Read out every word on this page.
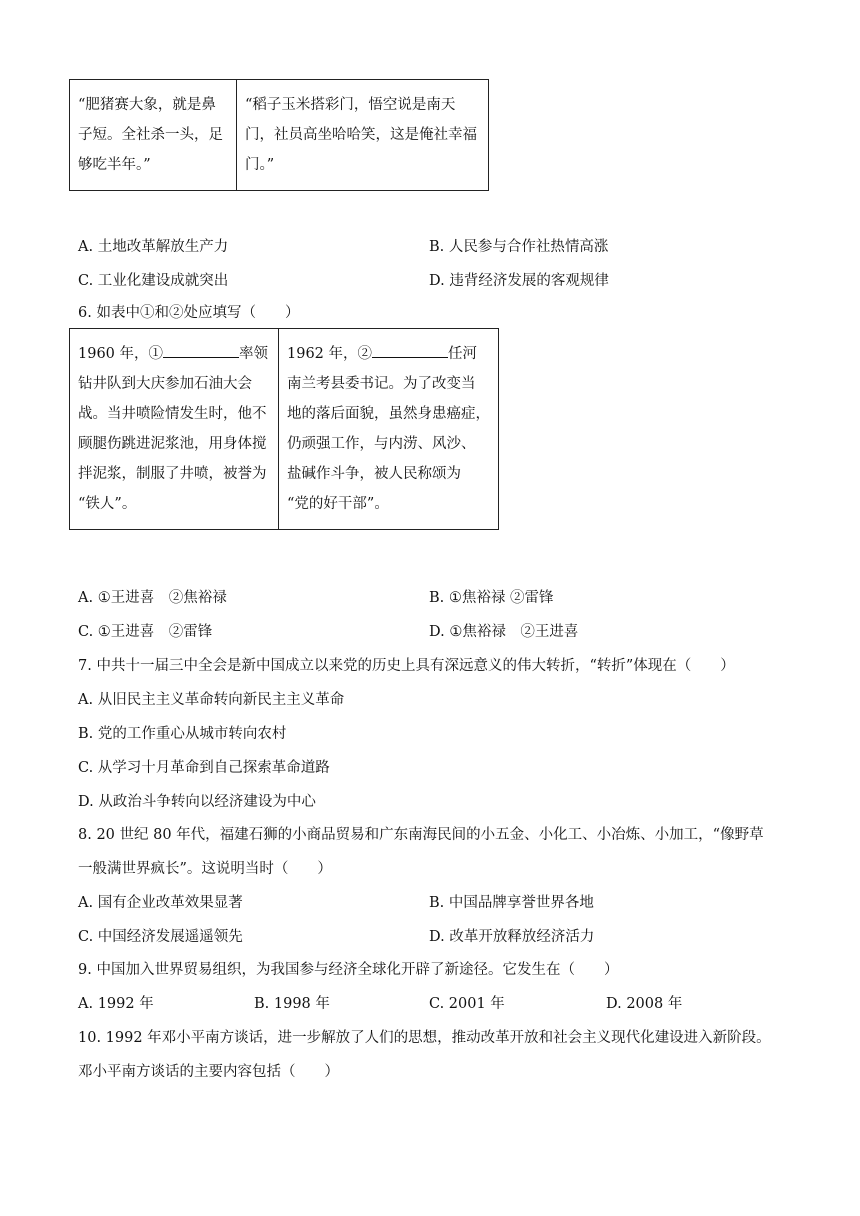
“肥猪赛大象，就是鼻
子短。全社杀一头，足
够吃半年。”

“稻子玉米搭彩门，悟空说是南天
门，社员高坐哈哈笑，这是俺社幸福
门。”
A. 土地改革解放生产力	B. 人民参与合作社热情高涨
C. 工业化建设成就突出	D. 违背经济发展的客观规律
6. 如表中①和②处应填写（　　）
1960 年，①	率领
钻井队到大庆参加石油大会
战。当井喷险情发生时，他不
顾腿伤跳进泥浆池，用身体搅
拌泥浆，制服了井喷，被誉为
“铁人”。

1962 年，②	任河
南兰考县委书记。为了改变当
地的落后面貌，虽然身患癌症，
仍顽强工作，与内涝、风沙、
盐碱作斗争，被人民称颂为
“党的好干部”。
A. ①王进喜　②焦裕禄	B. ①焦裕禄 ②雷锋
C. ①王进喜　②雷锋	D. ①焦裕禄　②王进喜
7. 中共十一届三中全会是新中国成立以来党的历史上具有深远意义的伟大转折，“转折”体现在（　　）
A. 从旧民主主义革命转向新民主主义革命
B. 党的工作重心从城市转向农村
C. 从学习十月革命到自己探索革命道路
D. 从政治斗争转向以经济建设为中心
8. 20 世纪 80 年代，福建石狮的小商品贸易和广东南海民间的小五金、小化工、小冶炼、小加工，“像野草
一般满世界疯长”。这说明当时（　　）
A. 国有企业改革效果显著	B. 中国品牌享誉世界各地
C. 中国经济发展遥遥领先	D. 改革开放释放经济活力
9. 中国加入世界贸易组织，为我国参与经济全球化开辟了新途径。它发生在（　　）
A. 1992 年	B. 1998 年	C. 2001 年	D. 2008 年
10. 1992 年邓小平南方谈话，进一步解放了人们的思想，推动改革开放和社会主义现代化建设进入新阶段。
邓小平南方谈话的主要内容包括（　　）
